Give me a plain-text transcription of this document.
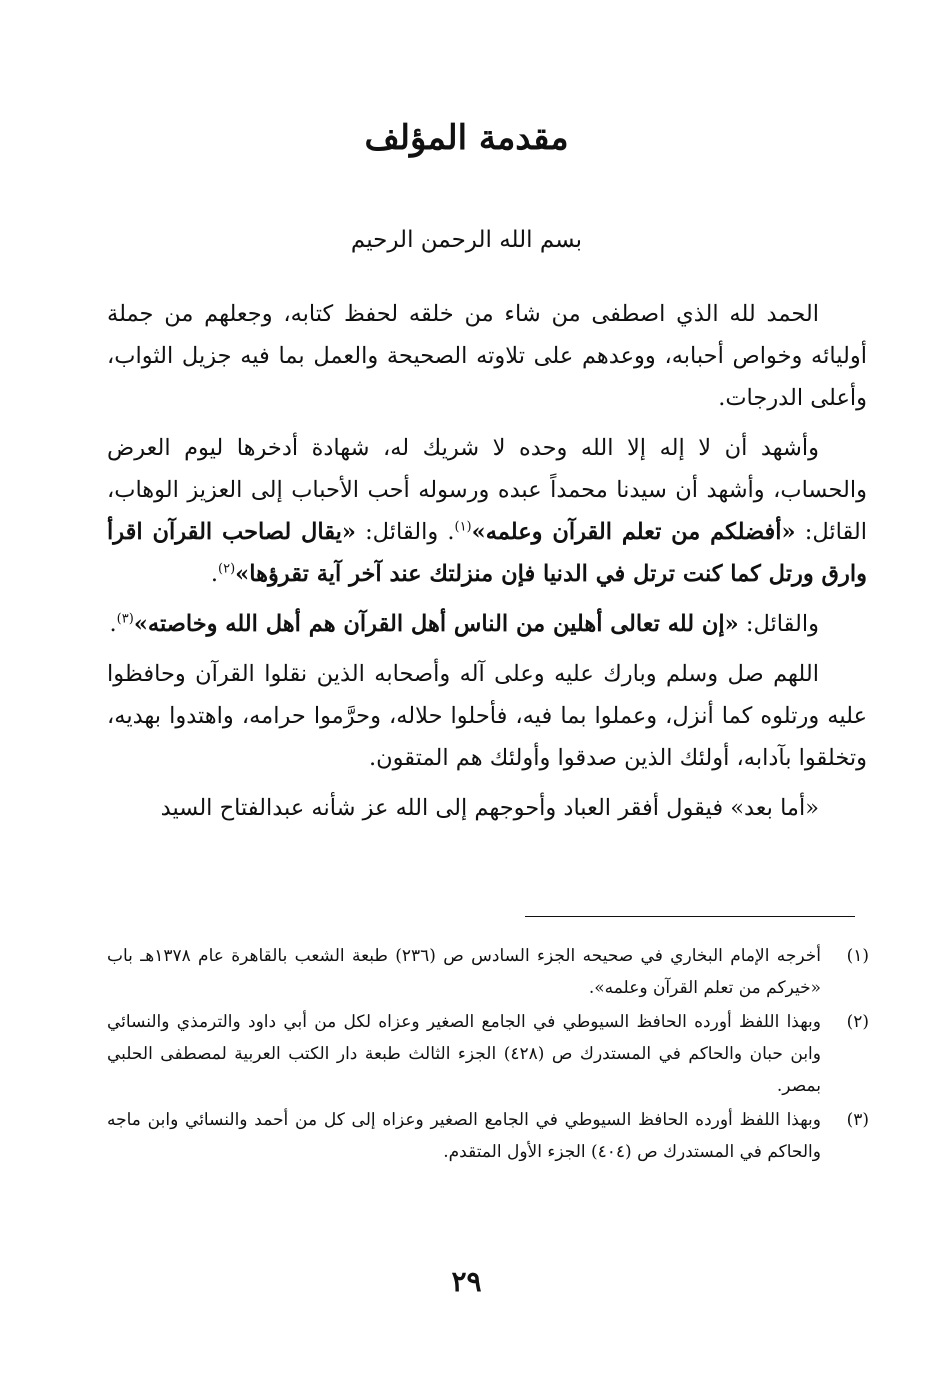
مقدمة المؤلف
بسم الله الرحمن الرحيم

الحمد لله الذي اصطفى من شاء من خلقه لحفظ كتابه، وجعلهم من جملة أوليائه وخواص أحبابه، ووعدهم على تلاوته الصحيحة والعمل بما فيه جزيل الثواب، وأعلى الدرجات.

وأشهد أن لا إله إلا الله وحده لا شريك له، شهادة أدخرها ليوم العرض والحساب، وأشهد أن سيدنا محمداً عبده ورسوله أحب الأحباب إلى العزيز الوهاب، القائل: «أفضلكم من تعلم القرآن وعلمه»$^{(١)}$. والقائل: «يقال لصاحب القرآن اقرأ وارق ورتل كما كنت ترتل في الدنيا فإن منزلتك عند آخر آية تقرؤها»$^{(٢)}$.

والقائل: «إن لله تعالى أهلين من الناس أهل القرآن هم أهل الله وخاصته»$^{(٣)}$.

اللهم صل وسلم وبارك عليه وعلى آله وأصحابه الذين نقلوا القرآن وحافظوا عليه ورتلوه كما أنزل، وعملوا بما فيه، فأحلوا حلاله، وحرَّموا حرامه، واهتدوا بهديه، وتخلقوا بآدابه، أولئك الذين صدقوا وأولئك هم المتقون.

«أما بعد» فيقول أفقر العباد وأحوجهم إلى الله عز شأنه عبدالفتاح السيد

(١)
أخرجه الإمام البخاري في صحيحه الجزء السادس ص (٢٣٦) طبعة الشعب بالقاهرة عام ١٣٧٨هـ باب «خيركم من تعلم القرآن وعلمه».
(٢)
وبهذا اللفظ أورده الحافظ السيوطي في الجامع الصغير وعزاه لكل من أبي داود والترمذي والنسائي وابن حبان والحاكم في المستدرك ص (٤٢٨) الجزء الثالث طبعة دار الكتب العربية لمصطفى الحلبي بمصر.
(٣)
وبهذا اللفظ أورده الحافظ السيوطي في الجامع الصغير وعزاه إلى كل من أحمد والنسائي وابن ماجه والحاكم في المستدرك ص (٤٠٤) الجزء الأول المتقدم.
٢٩
